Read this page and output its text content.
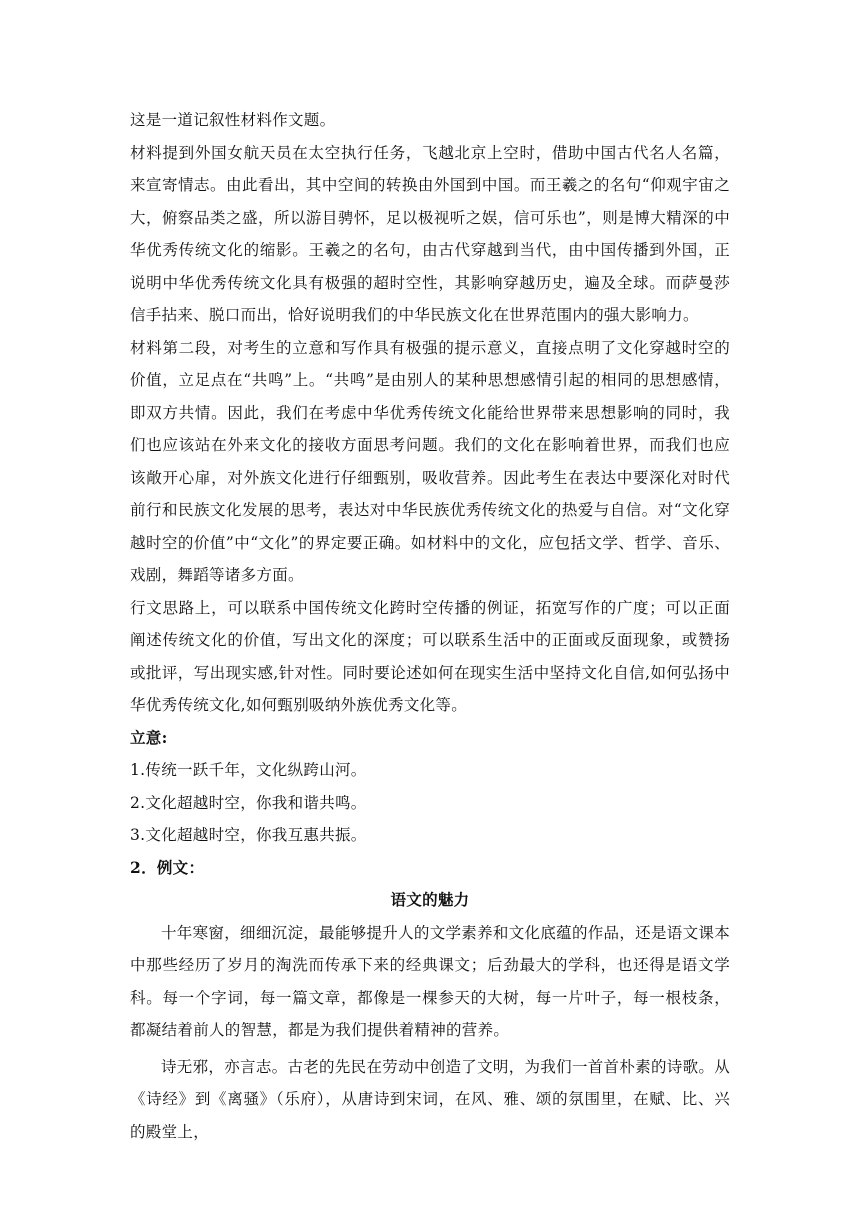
这是一道记叙性材料作文题。

材料提到外国女航天员在太空执行任务，飞越北京上空时，借助中国古代名人名篇，来宣寄情志。由此看出，其中空间的转换由外国到中国。而王羲之的名句“仰观宇宙之大，俯察品类之盛，所以游目骋怀，足以极视听之娱，信可乐也”，则是博大精深的中华优秀传统文化的缩影。王羲之的名句，由古代穿越到当代，由中国传播到外国，正说明中华优秀传统文化具有极强的超时空性，其影响穿越历史，遍及全球。而萨曼莎信手拈来、脱口而出，恰好说明我们的中华民族文化在世界范围内的强大影响力。

材料第二段，对考生的立意和写作具有极强的提示意义，直接点明了文化穿越时空的价值，立足点在“共鸣”上。“共鸣”是由别人的某种思想感情引起的相同的思想感情，即双方共情。因此，我们在考虑中华优秀传统文化能给世界带来思想影响的同时，我们也应该站在外来文化的接收方面思考问题。我们的文化在影响着世界，而我们也应该敞开心扉，对外族文化进行仔细甄别，吸收营养。因此考生在表达中要深化对时代前行和民族文化发展的思考，表达对中华民族优秀传统文化的热爱与自信。对“文化穿越时空的价值”中“文化”的界定要正确。如材料中的文化，应包括文学、哲学、音乐、戏剧，舞蹈等诸多方面。

行文思路上，可以联系中国传统文化跨时空传播的例证，拓宽写作的广度；可以正面阐述传统文化的价值，写出文化的深度；可以联系生活中的正面或反面现象，或赞扬或批评，写出现实感,针对性。同时要论述如何在现实生活中坚持文化自信,如何弘扬中华优秀传统文化,如何甄别吸纳外族优秀文化等。

立意:

1.传统一跃千年，文化纵跨山河。

2.文化超越时空，你我和谐共鸣。

3.文化超越时空，你我互惠共振。

2．例文：

语文的魅力

十年寒窗，细细沉淀，最能够提升人的文学素养和文化底蕴的作品，还是语文课本中那些经历了岁月的淘洗而传承下来的经典课文；后劲最大的学科，也还得是语文学科。每一个字词，每一篇文章，都像是一棵参天的大树，每一片叶子，每一根枝条，都凝结着前人的智慧，都是为我们提供着精神的营养。

诗无邪，亦言志。古老的先民在劳动中创造了文明，为我们一首首朴素的诗歌。从《诗经》到《离骚》（乐府），从唐诗到宋词，在风、雅、颂的氛围里，在赋、比、兴的殿堂上，
